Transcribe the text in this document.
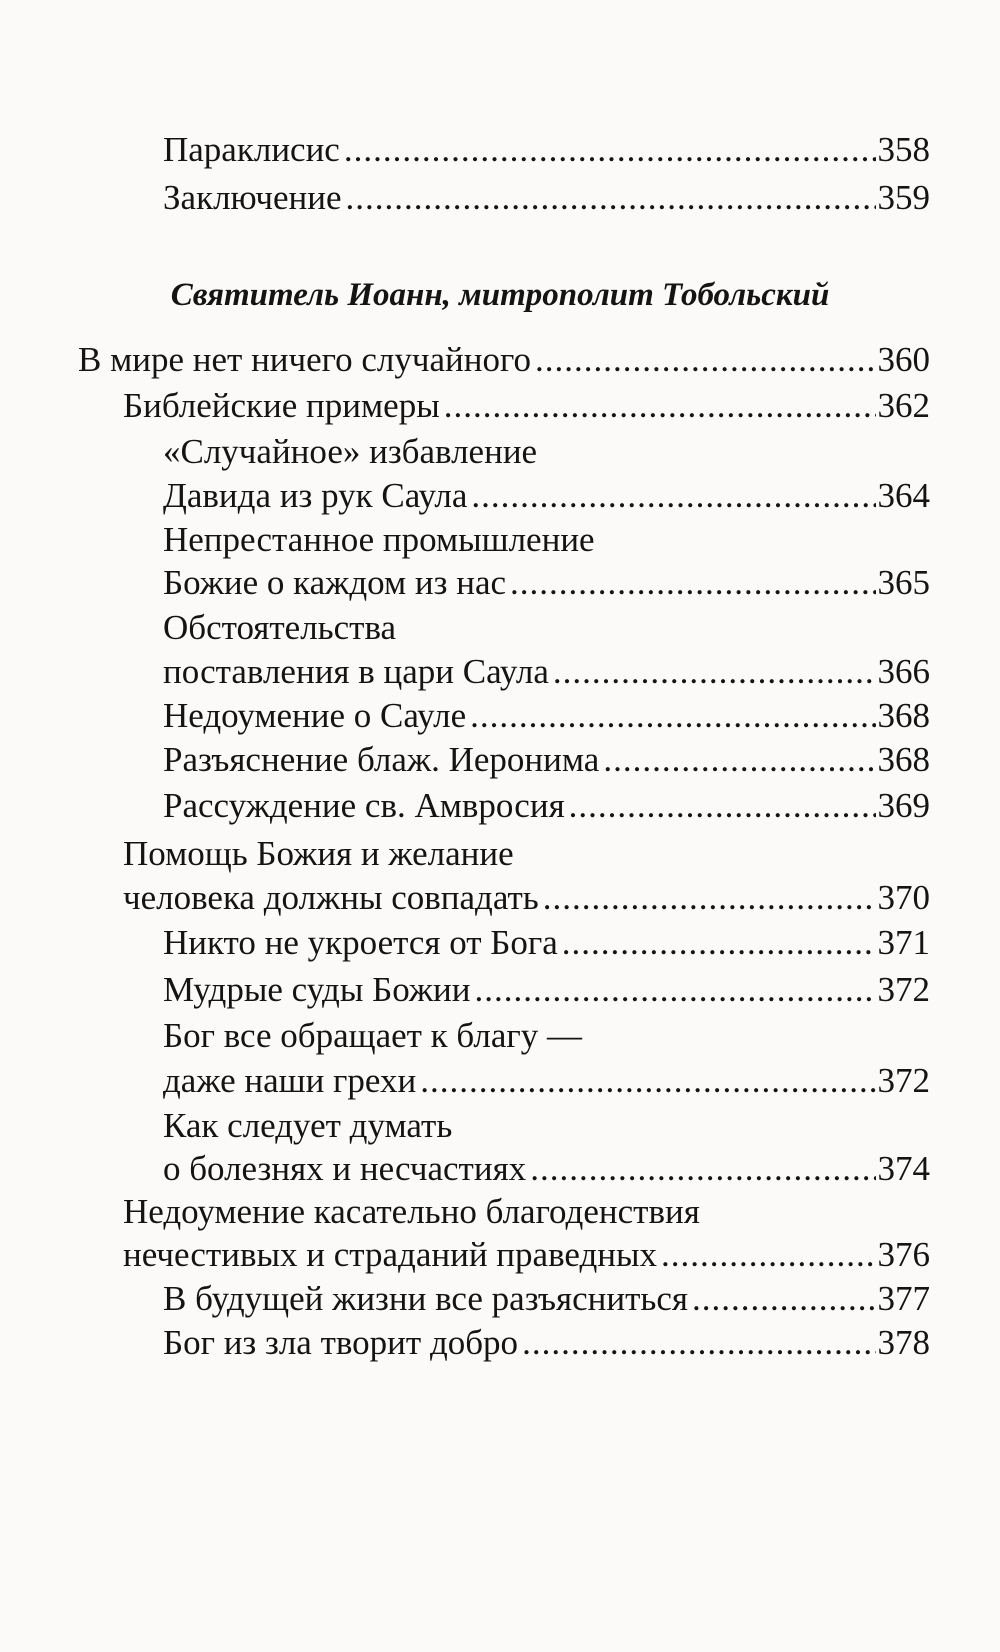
Параклисис .....	358
Заключение .....	359
Святитель Иоанн, митрополит Тобольский
В мире нет ничего случайного .....	360
Библейские примеры .....	362
«Случайное» избавление
Давида из рук Саула .....	364
Непрестанное промышление
Божие о каждом из нас .....	365
Обстоятельства
поставления в цари Саула .....	366
Недоумение о Сауле .....	368
Разъяснение блаж. Иеронима .....	368
Рассуждение св. Амвросия .....	369
Помощь Божия и желание
человека должны совпадать .....	370
Никто не укроется от Бога .....	371
Мудрые суды Божии .....	372
Бог все обращает к благу —
даже наши грехи .....	372
Как следует думать
о болезнях и несчастиях .....	374
Недоумение касательно благоденствия
нечестивых и страданий праведных .....	376
В будущей жизни все разъясниться .....	377
Бог из зла творит добро .....	378
